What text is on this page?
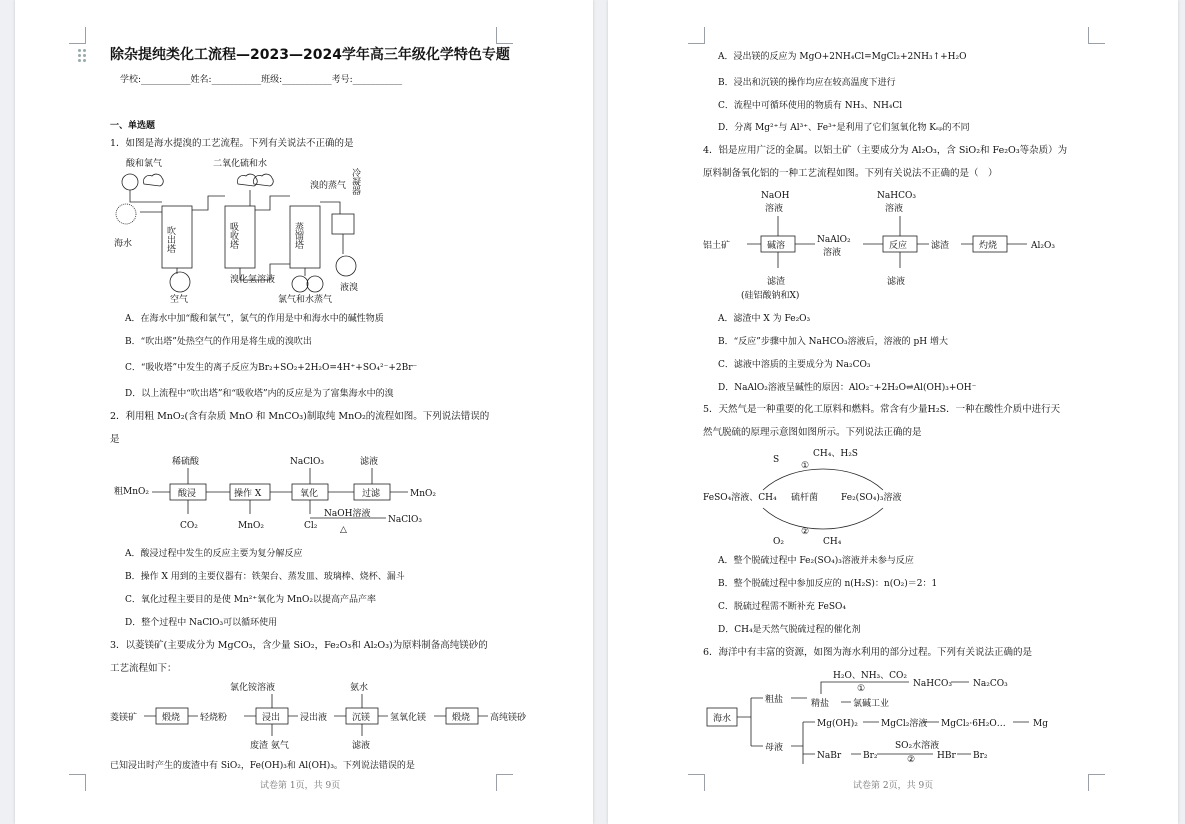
除杂提纯类化工流程—2023—2024学年高三年级化学特色专题
学校:___________姓名:___________班级:___________考号:___________
一、单选题
1．如图是海水提溴的工艺流程。下列有关说法不正确的是
酸和氯气	二氧化硫和水
溴的蒸气 冷凝器
海水	吹出塔	吸收塔	蒸馏塔
溴化氢溶液
空气	氯气和水蒸气
液溴
A．在海水中加“酸和氯气”，氯气的作用是中和海水中的碱性物质
B．“吹出塔”处热空气的作用是将生成的溴吹出
C．“吸收塔”中发生的离子反应为Br₂+SO₂+2H₂O=4H⁺+SO₄²⁻+2Br⁻
D．以上流程中“吹出塔”和“吸收塔”内的反应是为了富集海水中的溴
2．利用粗 MnO₂(含有杂质 MnO 和 MnCO₃)制取纯 MnO₂的流程如图。下列说法错误的
是
稀硫酸	NaClO₃	滤液
粗MnO₂	酸浸	操作 X	氧化	过滤	MnO₂
CO₂	MnO₂	Cl₂
NaOH溶液
△
NaClO₃
A．酸浸过程中发生的反应主要为复分解反应
B．操作 X 用到的主要仪器有：铁架台、蒸发皿、玻璃棒、烧杯、漏斗
C．氧化过程主要目的是使 Mn²⁺氧化为 MnO₂以提高产品产率
D．整个过程中 NaClO₃可以循环使用
3．以菱镁矿(主要成分为 MgCO₃，含少量 SiO₂，Fe₂O₃和 Al₂O₃)为原料制备高纯镁砂的
工艺流程如下：
氯化铵溶液	氨水
菱镁矿	煅烧 轻烧粉	浸出 浸出液	沉镁 氢氧化镁	煅烧 高纯镁砂
废渣 氨气	滤液
已知浸出时产生的废渣中有 SiO₂，Fe(OH)₃和 Al(OH)₃。下列说法错误的是
试卷第 1页，共 9页
A．浸出镁的反应为 MgO+2NH₄Cl=MgCl₂+2NH₃↑+H₂O
B．浸出和沉镁的操作均应在较高温度下进行
C．流程中可循环使用的物质有 NH₃、NH₄Cl
D．分离 Mg²⁺与 Al³⁺、Fe³⁺是利用了它们氢氧化物 Kₛₚ的不同
4．铝是应用广泛的金属。以铝土矿（主要成分为 Al₂O₃，含 SiO₂和 Fe₂O₃等杂质）为
原料制备氧化铝的一种工艺流程如图。下列有关说法不正确的是（　）
NaOH
溶液
NaHCO₃
溶液
铝土矿	碱溶
NaAlO₂
溶液
反应	滤渣	灼烧	Al₂O₃
滤渣
(硅铝酸钠和X)
滤液
A．滤渣中 X 为 Fe₂O₃
B．“反应”步骤中加入 NaHCO₃溶液后，溶液的 pH 增大
C．滤液中溶质的主要成分为 Na₂CO₃
D．NaAlO₂溶液呈碱性的原因：AlO₂⁻+2H₂O⇌Al(OH)₃+OH⁻
5．天然气是一种重要的化工原料和燃料。常含有少量H₂S．一种在酸性介质中进行天
然气脱硫的原理示意图如图所示。下列说法正确的是
S
①
CH₄、H₂S
FeSO₄溶液、CH₄ 硫杆菌	Fe₂(SO₄)₃溶液
②
O₂	CH₄
A．整个脱硫过程中 Fe₂(SO₄)₃溶液并未参与反应
B．整个脱硫过程中参加反应的 n(H₂S)：n(O₂)＝2：1
C．脱硫过程需不断补充 FeSO₄
D．CH₄是天然气脱硫过程的催化剂
6．海洋中有丰富的资源，如图为海水利用的部分过程。下列有关说法正确的是
海水
粗盐
H₂O、NH₃、CO₂
①	NaHCO₃ Na₂CO₃
精盐	氯碱工业
母液
Mg(OH)₂	MgCl₂溶液 MgCl₂·6H₂O…	Mg
NaBr Br₂
SO₂水溶液
② HBr Br₂
试卷第 2页，共 9页
